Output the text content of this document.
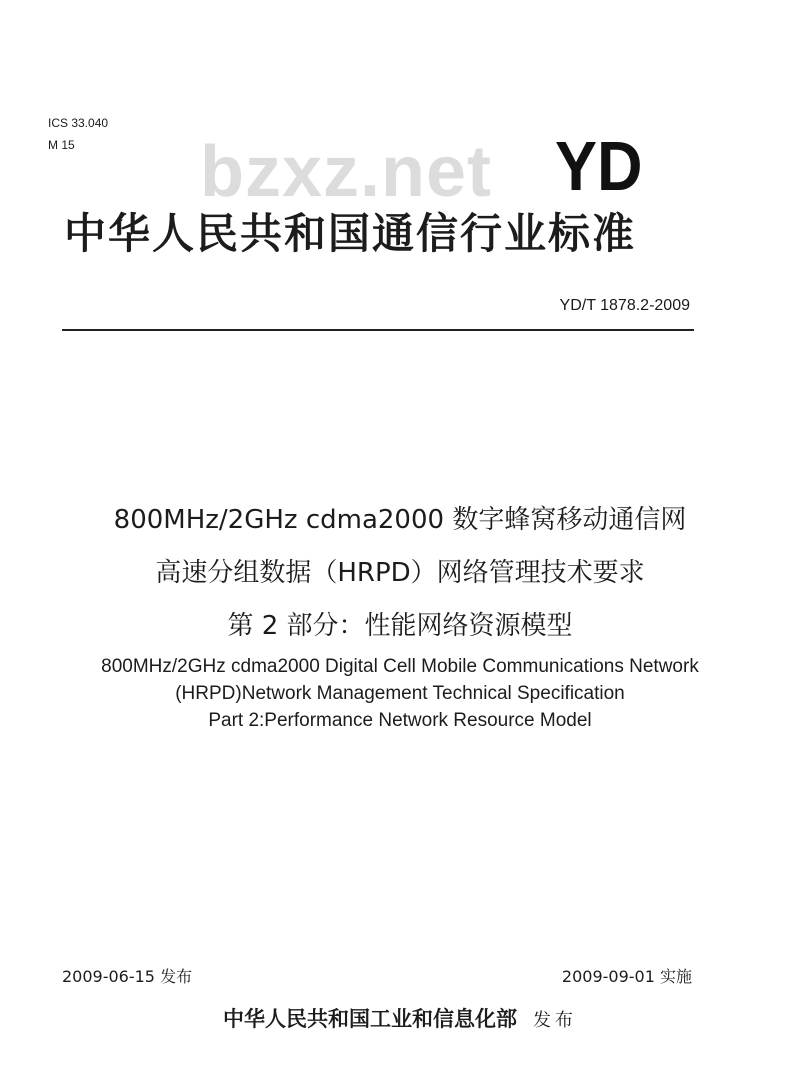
ICS 33.040
M 15 bzxz.net YD
中华人民共和国通信行业标准
YD/T 1878.2-2009
800MHz/2GHz cdma2000 数字蜂窝移动通信网
高速分组数据（HRPD）网络管理技术要求
第 2 部分：性能网络资源模型
800MHz/2GHz cdma2000 Digital Cell Mobile Communications Network
(HRPD)Network Management Technical Specification
Part 2:Performance Network Resource Model
2009-06-15 发布	2009-09-01 实施
中华人民共和国工业和信息化部 发布
